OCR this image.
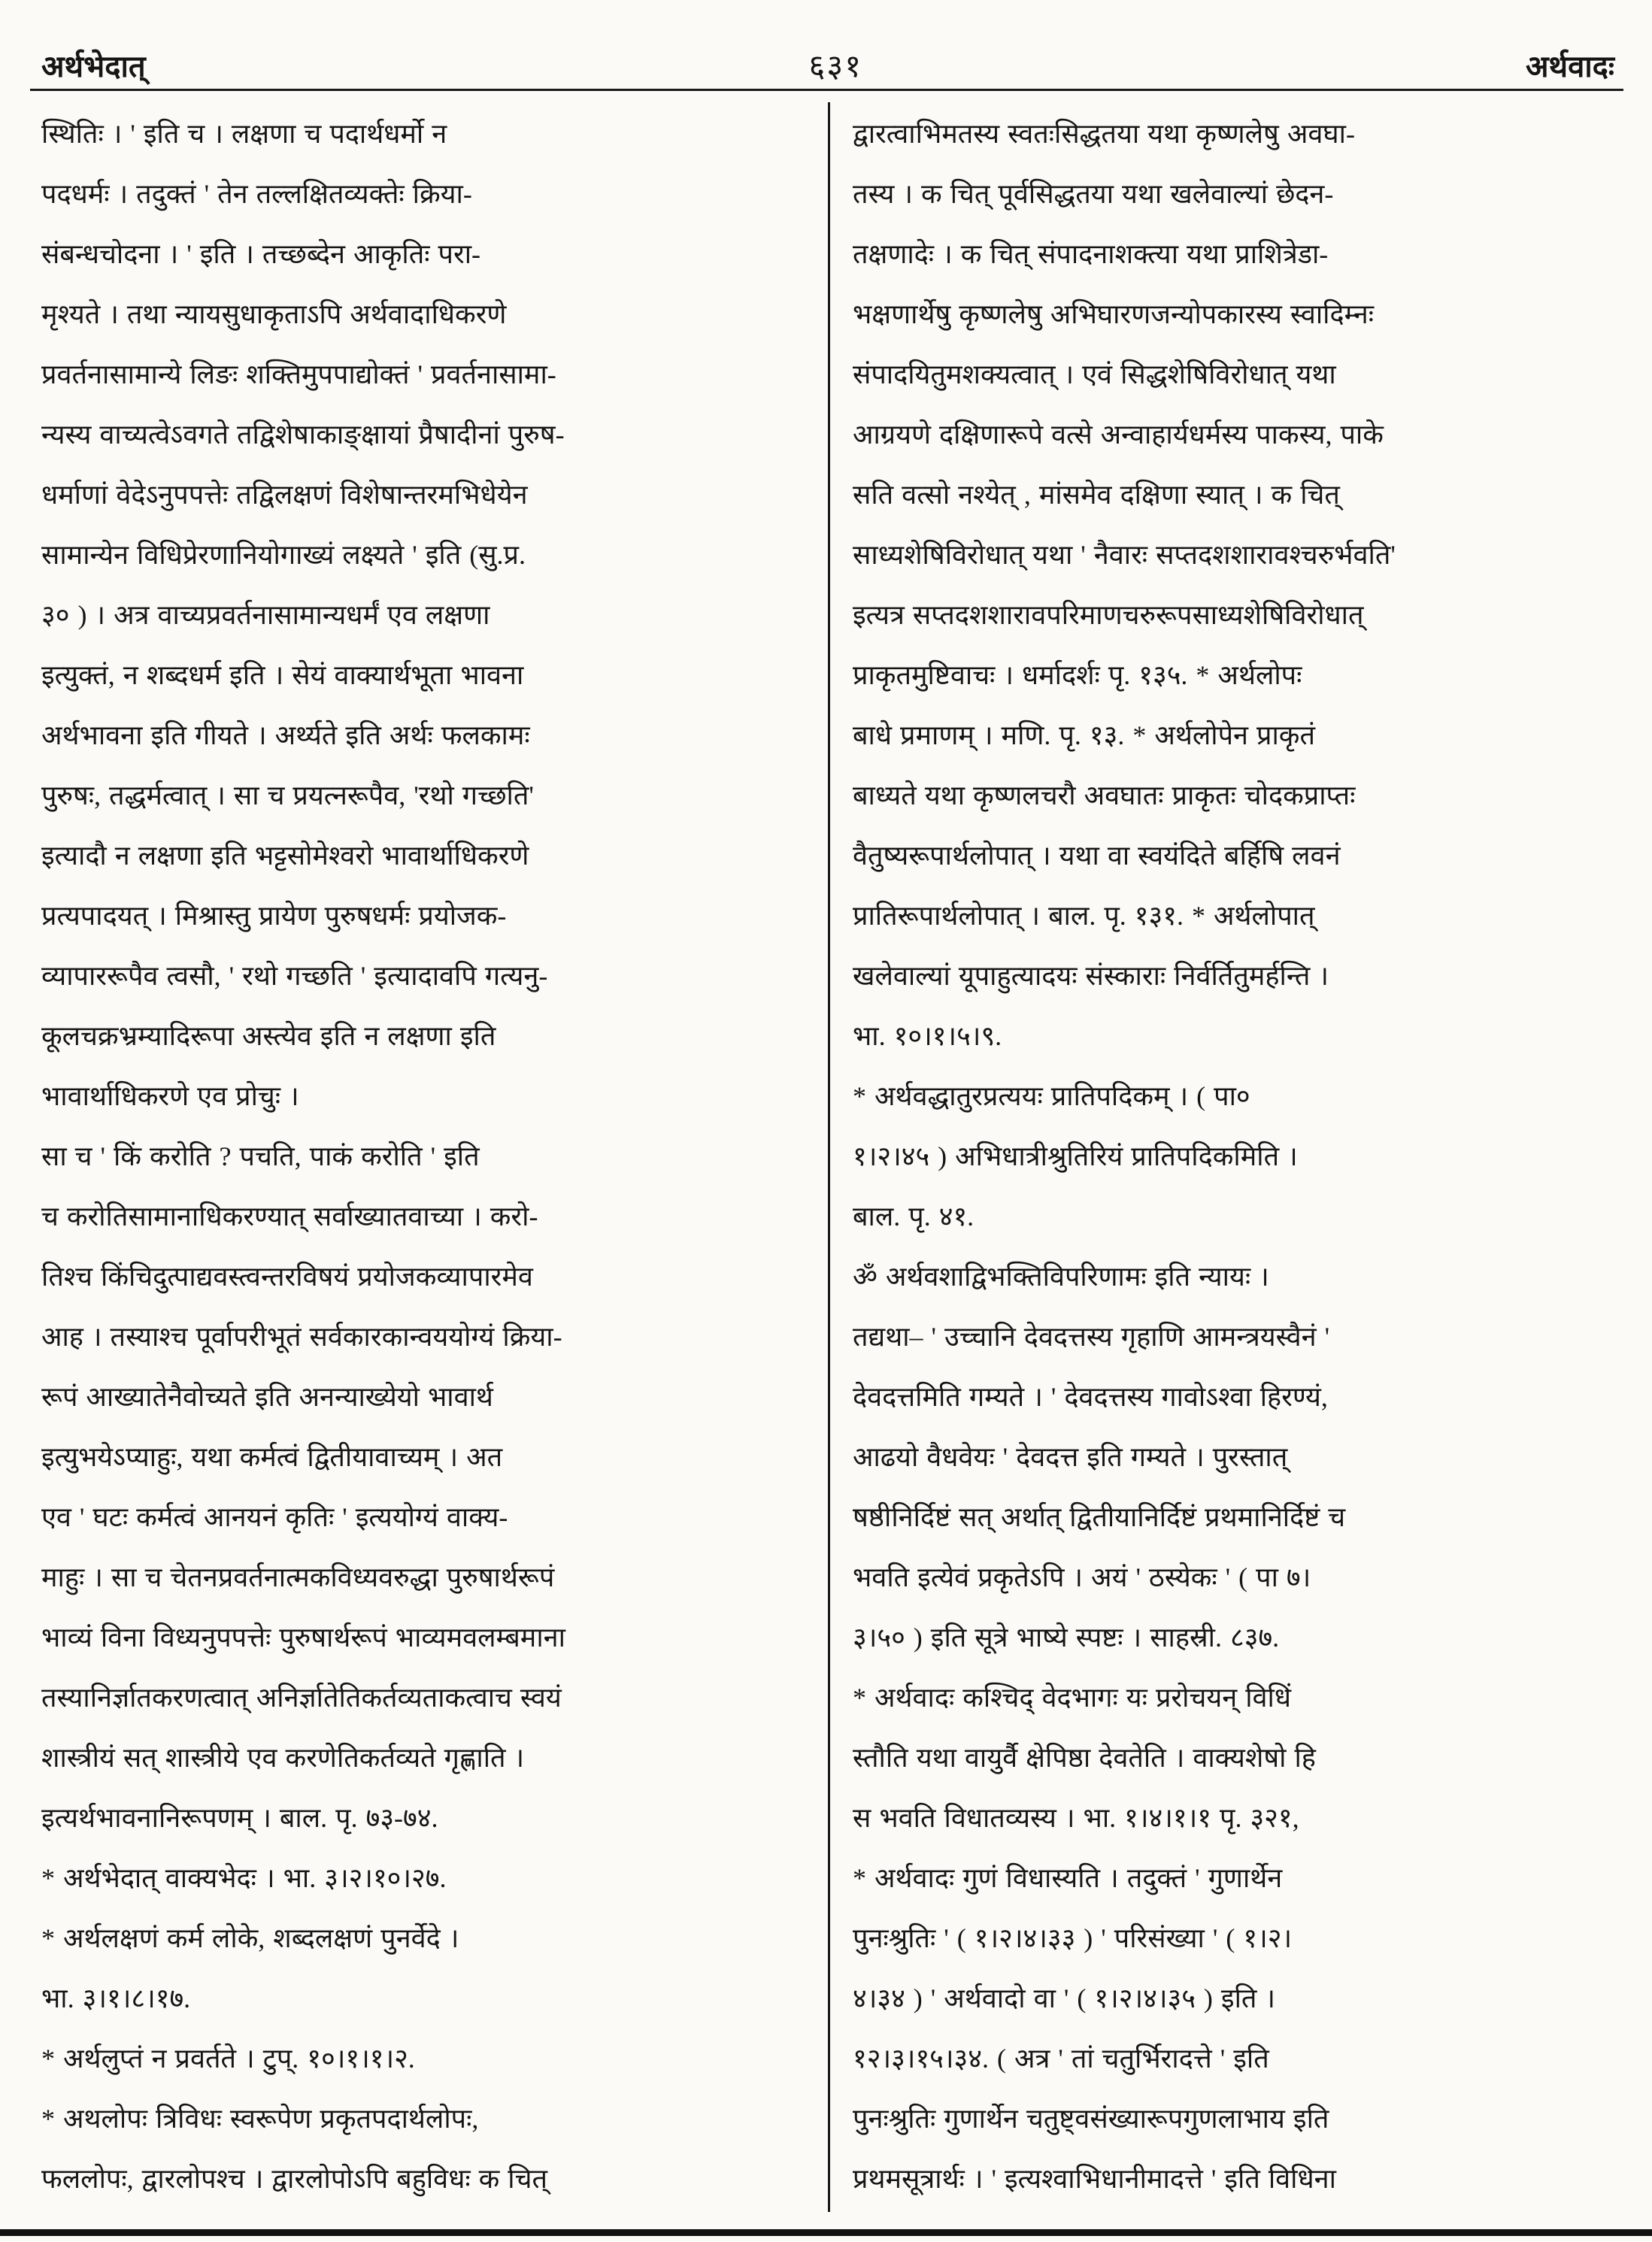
अर्थभेदात्	६३१	अर्थवादः
स्थितिः । ' इति च । लक्षणा च पदार्थधर्मो न
पदधर्मः । तदुक्तं ' तेन तल्लक्षितव्यक्तेः क्रिया-
संबन्धचोदना । ' इति । तच्छब्देन आकृतिः परा-
मृश्यते । तथा न्यायसुधाकृताऽपि अर्थवादाधिकरणे
प्रवर्तनासामान्ये लिङः शक्तिमुपपाद्योक्तं ' प्रवर्तनासामा-
न्यस्य वाच्यत्वेऽवगते तद्विशेषाकाङ्क्षायां प्रैषादीनां पुरुष-
धर्माणां वेदेऽनुपपत्तेः तद्विलक्षणं विशेषान्तरमभिधेयेन
सामान्येन विधिप्रेरणानियोगाख्यं लक्ष्यते ' इति (सु.प्र.
३० ) । अत्र वाच्यप्रवर्तनासामान्यधर्मं एव लक्षणा
इत्युक्तं, न शब्दधर्म इति । सेयं वाक्यार्थभूता भावना
अर्थभावना इति गीयते । अर्थ्यते इति अर्थः फलकामः
पुरुषः, तद्धर्मत्वात् । सा च प्रयत्नरूपैव, 'रथो गच्छति'
इत्यादौ न लक्षणा इति भट्टसोमेश्वरो भावार्थाधिकरणे
प्रत्यपादयत् । मिश्रास्तु प्रायेण पुरुषधर्मः प्रयोजक-
व्यापाररूपैव त्वसौ, ' रथो गच्छति ' इत्यादावपि गत्यनु-
कूलचक्रभ्रम्यादिरूपा अस्त्येव इति न लक्षणा इति
भावार्थाधिकरणे एव प्रोचुः ।
सा च ' किं करोति ? पचति, पाकं करोति ' इति
च करोतिसामानाधिकरण्यात् सर्वाख्यातवाच्या । करो-
तिश्च किंचिदुत्पाद्यवस्त्वन्तरविषयं प्रयोजकव्यापारमेव
आह । तस्याश्च पूर्वापरीभूतं सर्वकारकान्वययोग्यं क्रिया-
रूपं आख्यातेनैवोच्यते इति अनन्याख्येयो भावार्थ
इत्युभयेऽप्याहुः, यथा कर्मत्वं द्वितीयावाच्यम् । अत
एव ' घटः कर्मत्वं आनयनं कृतिः ' इत्ययोग्यं वाक्य-
माहुः । सा च चेतनप्रवर्तनात्मकविध्यवरुद्धा पुरुषार्थरूपं
भाव्यं विना विध्यनुपपत्तेः पुरुषार्थरूपं भाव्यमवलम्बमाना
तस्यानिर्ज्ञातकरणत्वात् अनिर्ज्ञातेतिकर्तव्यताकत्वाच स्वयं
शास्त्रीयं सत् शास्त्रीये एव करणेतिकर्तव्यते गृह्णाति ।
इत्यर्थभावनानिरूपणम् । बाल. पृ. ७३-७४.
* अर्थभेदात् वाक्यभेदः । भा. ३।२।१०।२७.
* अर्थलक्षणं कर्म लोके, शब्दलक्षणं पुनर्वेदे ।
भा. ३।१।८।१७.
* अर्थलुप्तं न प्रवर्तते । टुप्. १०।१।१।२.
* अथलोपः त्रिविधः स्वरूपेण प्रकृतपदार्थलोपः,
फललोपः, द्वारलोपश्च । द्वारलोपोऽपि बहुविधः क चित्
द्वारत्वाभिमतस्य स्वतःसिद्धतया यथा कृष्णलेषु अवघा-
तस्य । क चित् पूर्वसिद्धतया यथा खलेवाल्यां छेदन-
तक्षणादेः । क चित् संपादनाशक्त्या यथा प्राशित्रेडा-
भक्षणार्थेषु कृष्णलेषु अभिघारणजन्योपकारस्य स्वादिम्नः
संपादयितुमशक्यत्वात् । एवं सिद्धशेषिविरोधात् यथा
आग्रयणे दक्षिणारूपे वत्से अन्वाहार्यधर्मस्य पाकस्य, पाके
सति वत्सो नश्येत् , मांसमेव दक्षिणा स्यात् । क चित्
साध्यशेषिविरोधात् यथा ' नैवारः सप्तदशशारावश्चरुर्भवति'
इत्यत्र सप्तदशशारावपरिमाणचरुरूपसाध्यशेषिविरोधात्
प्राकृतमुष्टिवाचः । धर्मादर्शः पृ. १३५. * अर्थलोपः
बाधे प्रमाणम् । मणि. पृ. १३. * अर्थलोपेन प्राकृतं
बाध्यते यथा कृष्णलचरौ अवघातः प्राकृतः चोदकप्राप्तः
वैतुष्यरूपार्थलोपात् । यथा वा स्वयंदिते बर्हिषि लवनं
प्रातिरूपार्थलोपात् । बाल. पृ. १३१. * अर्थलोपात्
खलेवाल्यां यूपाहुत्यादयः संस्काराः निर्वर्तितुमर्हन्ति ।
भा. १०।१।५।९.
* अर्थवद्धातुरप्रत्ययः प्रातिपदिकम् । ( पा०
१।२।४५ ) अभिधात्रीश्रुतिरियं प्रातिपदिकमिति ।
बाल. पृ. ४१.
ॐ अर्थवशाद्विभक्तिविपरिणामः इति न्यायः ।
तद्यथा– ' उच्चानि देवदत्तस्य गृहाणि आमन्त्रयस्वैनं '
देवदत्तमिति गम्यते । ' देवदत्तस्य गावोऽश्वा हिरण्यं,
आढयो वैधवेयः ' देवदत्त इति गम्यते । पुरस्तात्
षष्ठीनिर्दिष्टं सत् अर्थात् द्वितीयानिर्दिष्टं प्रथमानिर्दिष्टं च
भवति इत्येवं प्रकृतेऽपि । अयं ' ठस्येकः ' ( पा ७।
३।५० ) इति सूत्रे भाष्ये स्पष्टः । साहस्री. ८३७.
* अर्थवादः कश्चिद् वेदभागः यः प्ररोचयन् विधिं
स्तौति यथा वायुर्वै क्षेपिष्ठा देवतेति । वाक्यशेषो हि
स भवति विधातव्यस्य । भा. १।४।१।१ पृ. ३२१,
* अर्थवादः गुणं विधास्यति । तदुक्तं ' गुणार्थेन
पुनःश्रुतिः ' ( १।२।४।३३ ) ' परिसंख्या ' ( १।२।
४।३४ ) ' अर्थवादो वा ' ( १।२।४।३५ ) इति ।
१२।३।१५।३४. ( अत्र ' तां चतुर्भिरादत्ते ' इति
पुनःश्रुतिः गुणार्थेन चतुष्ट्वसंख्यारूपगुणलाभाय इति
प्रथमसूत्रार्थः । ' इत्यश्वाभिधानीमादत्ते ' इति विधिना
